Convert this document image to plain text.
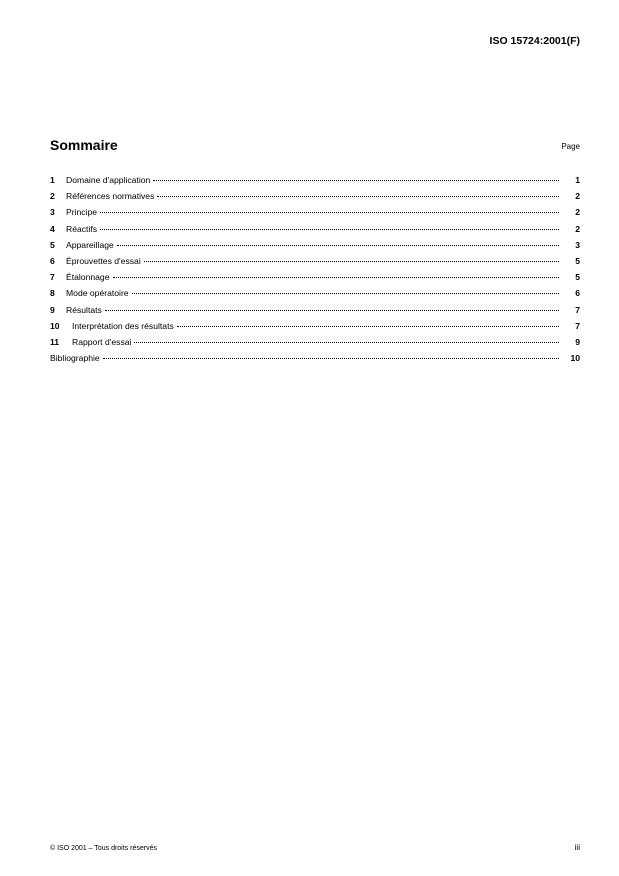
ISO 15724:2001(F)
Sommaire	Page
1	Domaine d'application	1
2	Références normatives	2
3	Principe	2
4	Réactifs	2
5	Appareillage	3
6	Éprouvettes d'essai	5
7	Étalonnage	5
8	Mode opératoire	6
9	Résultats	7
10	Interprétation des résultats	7
11	Rapport d'essai	9
Bibliographie	10
© ISO 2001 – Tous droits réservés	iii
